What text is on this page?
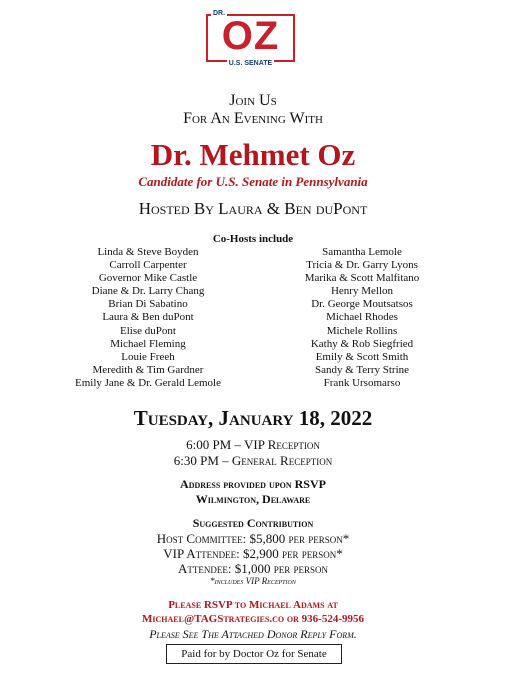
DR.
OZ
U.S. SENATE
Join Us
For An Evening With
Dr. Mehmet Oz
Candidate for U.S. Senate in Pennsylvania
Hosted By Laura & Ben duPont
Co-Hosts include
Linda & Steve Boyden
Carroll Carpenter
Governor Mike Castle
Diane & Dr. Larry Chang
Brian Di Sabatino
Laura & Ben duPont
Elise duPont
Michael Fleming
Louie Freeh
Meredith & Tim Gardner
Emily Jane & Dr. Gerald Lemole
Samantha Lemole
Tricia & Dr. Garry Lyons
Marika & Scott Malfitano
Henry Mellon
Dr. George Moutsatsos
Michael Rhodes
Michele Rollins
Kathy & Rob Siegfried
Emily & Scott Smith
Sandy & Terry Strine
Frank Ursomarso
Tuesday, January 18, 2022
6:00 PM – VIP Reception
6:30 PM – General Reception
Address provided upon RSVP
Wilmington, Delaware
Suggested Contribution
Host Committee: $5,800 per person*
VIP Attendee: $2,900 per person*
Attendee: $1,000 per person
*includes VIP Reception
Please RSVP to Michael Adams at
Michael@TAGStrategies.co or 936-524-9956
Please See The Attached Donor Reply Form.
Paid for by Doctor Oz for Senate
